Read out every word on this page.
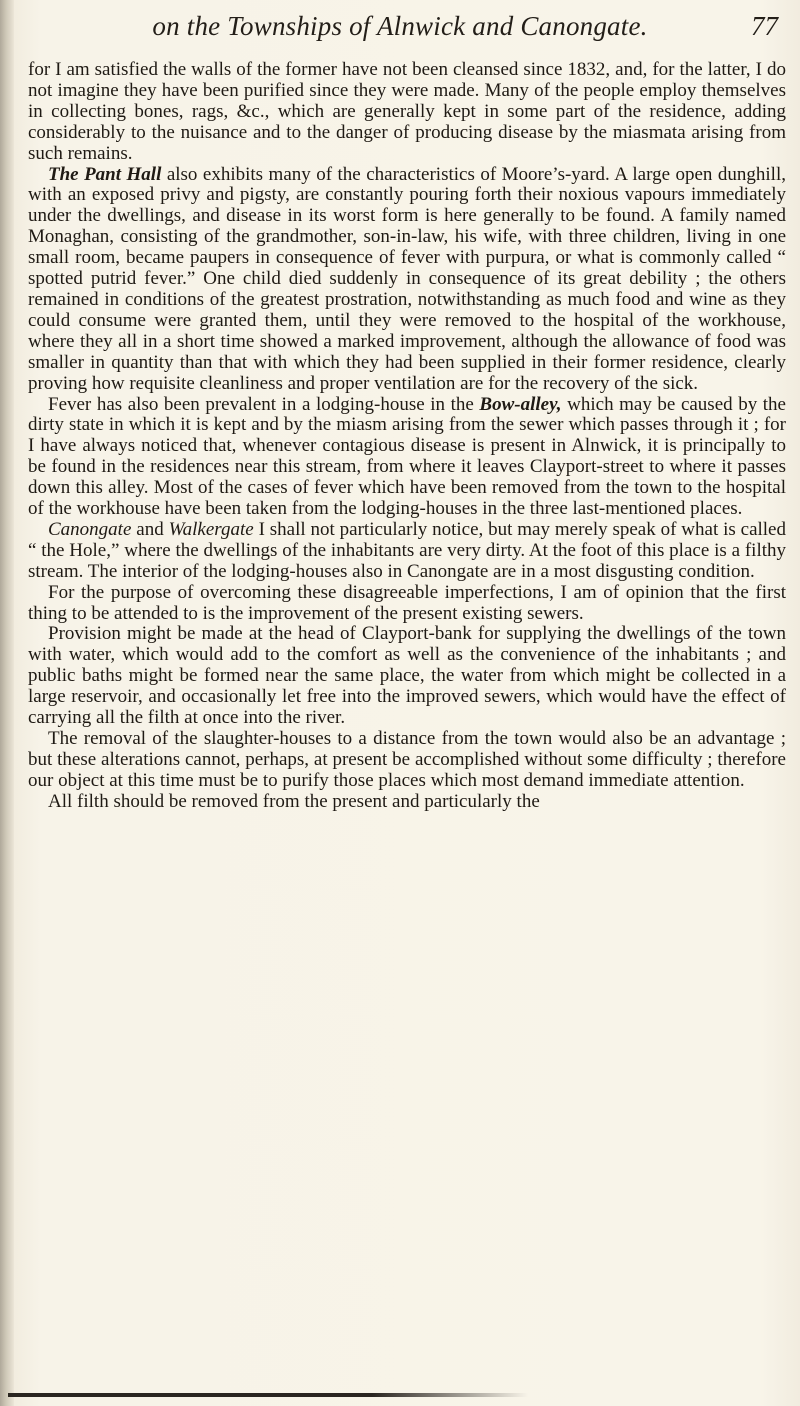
on the Townships of Alnwick and Canongate.	77

for I am satisfied the walls of the former have not been cleansed since 1832, and, for the latter, I do not imagine they have been purified since they were made. Many of the people employ themselves in collecting bones, rags, &c., which are generally kept in some part of the residence, adding considerably to the nuisance and to the danger of producing disease by the miasmata arising from such remains.

The Pant Hall also exhibits many of the characteristics of Moore’s-yard. A large open dunghill, with an exposed privy and pigsty, are constantly pouring forth their noxious vapours immediately under the dwellings, and disease in its worst form is here generally to be found. A family named Monaghan, consisting of the grandmother, son-in-law, his wife, with three children, living in one small room, became paupers in consequence of fever with purpura, or what is commonly called “ spotted putrid fever.” One child died suddenly in consequence of its great debility ; the others remained in conditions of the greatest prostration, notwithstanding as much food and wine as they could consume were granted them, until they were removed to the hospital of the workhouse, where they all in a short time showed a marked improvement, although the allowance of food was smaller in quantity than that with which they had been supplied in their former residence, clearly proving how requisite cleanliness and proper ventilation are for the recovery of the sick.

Fever has also been prevalent in a lodging-house in the Bow-alley, which may be caused by the dirty state in which it is kept and by the miasm arising from the sewer which passes through it ; for I have always noticed that, whenever contagious disease is present in Alnwick, it is principally to be found in the residences near this stream, from where it leaves Clayport-street to where it passes down this alley. Most of the cases of fever which have been removed from the town to the hospital of the workhouse have been taken from the lodging-houses in the three last-mentioned places.

Canongate and Walkergate I shall not particularly notice, but may merely speak of what is called “ the Hole,” where the dwellings of the inhabitants are very dirty. At the foot of this place is a filthy stream. The interior of the lodging-houses also in Canongate are in a most disgusting condition.

For the purpose of overcoming these disagreeable imperfections, I am of opinion that the first thing to be attended to is the improvement of the present existing sewers.

Provision might be made at the head of Clayport-bank for supplying the dwellings of the town with water, which would add to the comfort as well as the convenience of the inhabitants ; and public baths might be formed near the same place, the water from which might be collected in a large reservoir, and occasionally let free into the improved sewers, which would have the effect of carrying all the filth at once into the river.

The removal of the slaughter-houses to a distance from the town would also be an advantage ; but these alterations cannot, perhaps, at present be accomplished without some difficulty ; therefore our object at this time must be to purify those places which most demand immediate attention.

All filth should be removed from the present and particularly the
